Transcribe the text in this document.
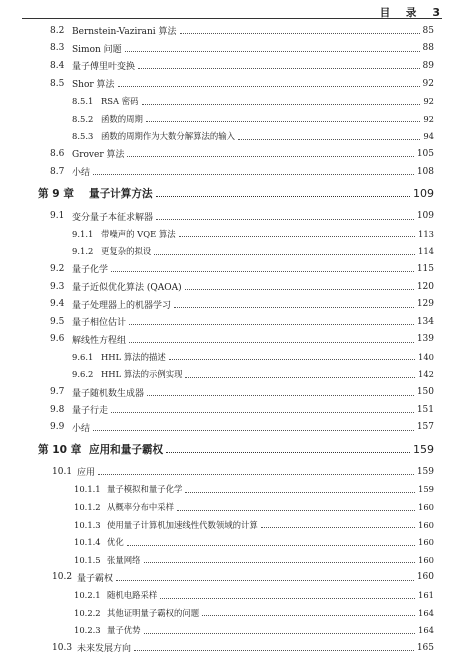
目 录 3
8.2 Bernstein-Vazirani 算法	85
8.3 Simon 问题	88
8.4 量子傅里叶变换	89
8.5 Shor 算法	92
8.5.1 RSA 密码	92
8.5.2 函数的周期	92
8.5.3 函数的周期作为大数分解算法的输入	94
8.6 Grover 算法	105
8.7 小结	108
第 9 章	量子计算方法	109
9.1 变分量子本征求解器	109
9.1.1 带噪声的 VQE 算法	113
9.1.2 更复杂的拟设	114
9.2 量子化学	115
9.3 量子近似优化算法 (QAOA)	120
9.4 量子处理器上的机器学习	129
9.5 量子相位估计	134
9.6 解线性方程组	139
9.6.1 HHL 算法的描述	140
9.6.2 HHL 算法的示例实现	142
9.7 量子随机数生成器	150
9.8 量子行走	151
9.9 小结	157
第 10 章 应用和量子霸权	159
10.1 应用	159
10.1.1 量子模拟和量子化学	159
10.1.2 从概率分布中采样	160
10.1.3 使用量子计算机加速线性代数领域的计算	160
10.1.4 优化	160
10.1.5 张量网络	160
10.2 量子霸权	160
10.2.1 随机电路采样	161
10.2.2 其他证明量子霸权的问题	164
10.2.3 量子优势	164
10.3 未来发展方向	165
